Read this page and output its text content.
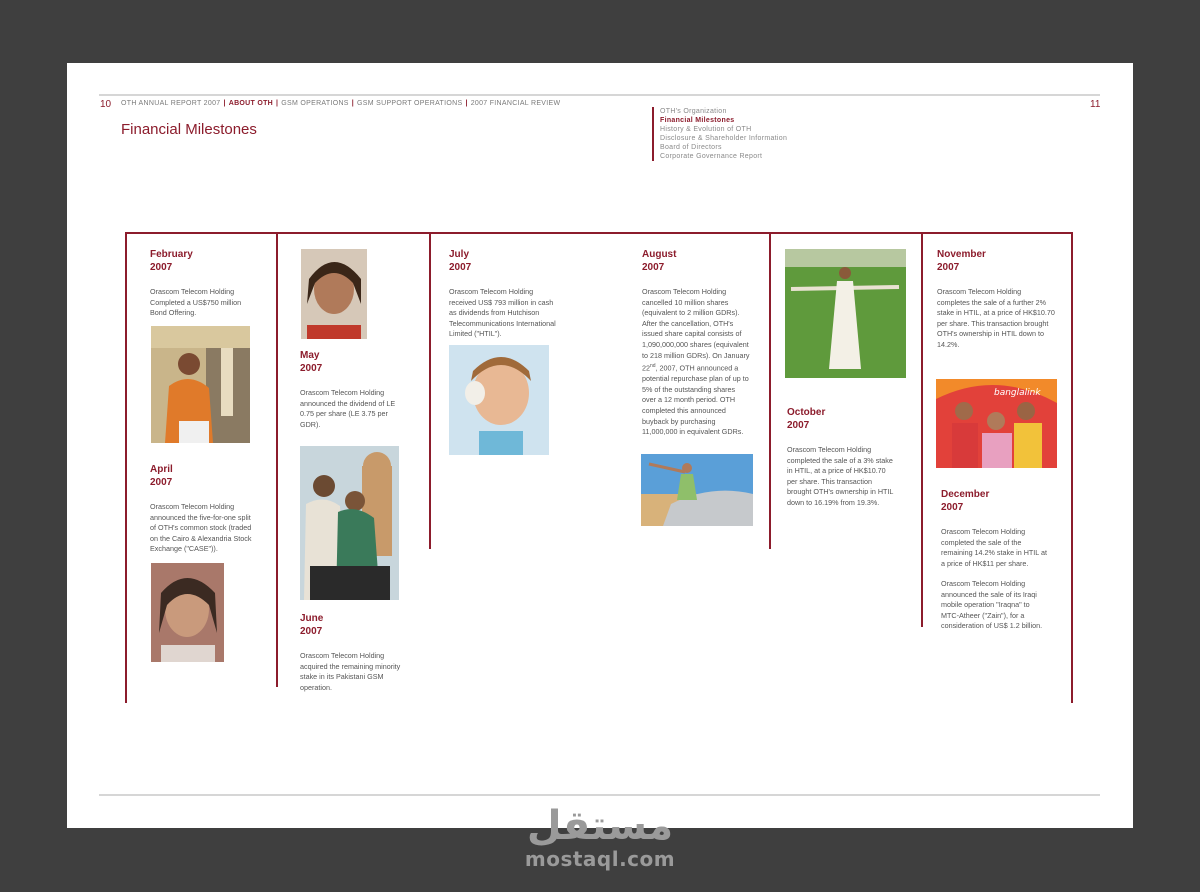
10	11
OTH ANNUAL REPORT 2007 | ABOUT OTH | GSM OPERATIONS | GSM SUPPORT OPERATIONS | 2007 FINANCIAL REVIEW
Financial Milestones
OTH's Organization
Financial Milestones
History & Evolution of OTH
Disclosure & Shareholder Information
Board of Directors
Corporate Governance Report
February
2007
Orascom Telecom Holding Completed a US$750 million Bond Offering.
April
2007
Orascom Telecom Holding announced the five-for-one split of OTH's common stock (traded on the Cairo & Alexandria Stock Exchange ("CASE")).
May
2007
Orascom Telecom Holding announced the dividend of LE 0.75 per share (LE 3.75 per GDR).
June
2007
Orascom Telecom Holding acquired the remaining minority stake in its Pakistani GSM operation.
July
2007
Orascom Telecom Holding received US$ 793 million in cash as dividends from Hutchison Telecommunications International Limited ("HTIL").
August
2007
Orascom Telecom Holding cancelled 10 million shares (equivalent to 2 million GDRs). After the cancellation, OTH's issued share capital consists of 1,090,000,000 shares (equivalent to 218 million GDRs). On January 22nd, 2007, OTH announced a potential repurchase plan of up to 5% of the outstanding shares over a 12 month period. OTH completed this announced buyback by purchasing 11,000,000 in equivalent GDRs.
October
2007
Orascom Telecom Holding completed the sale of a 3% stake in HTIL, at a price of HK$10.70 per share. This transaction brought OTH's ownership in HTIL down to 16.19% from 19.3%.
November
2007
Orascom Telecom Holding completes the sale of a further 2% stake in HTIL, at a price of HK$10.70 per share. This transaction brought OTH's ownership in HTIL down to 14.2%.
banglalink
December
2007
Orascom Telecom Holding completed the sale of the remaining 14.2% stake in HTIL at a price of HK$11 per share.
Orascom Telecom Holding announced the sale of its Iraqi mobile operation "Iraqna" to MTC-Atheer ("Zain"), for a consideration of US$ 1.2 billion.
مستقل
mostaql.com
